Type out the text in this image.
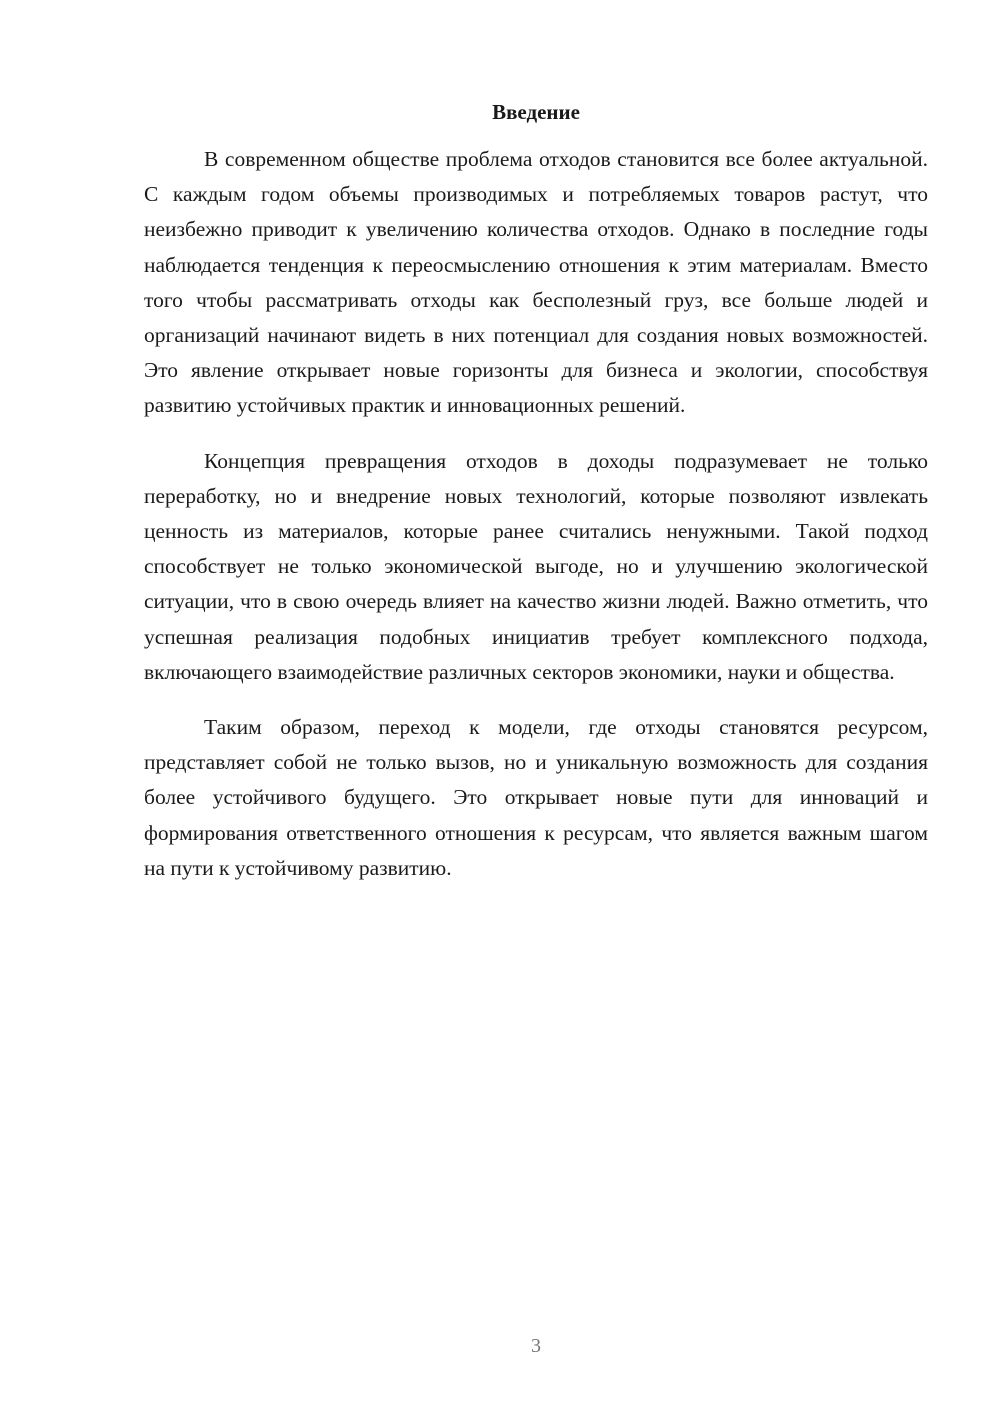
Введение

В современном обществе проблема отходов становится все более актуальной. С каждым годом объемы производимых и потребляемых товаров растут, что неизбежно приводит к увеличению количества отходов. Однако в последние годы наблюдается тенденция к переосмыслению отношения к этим материалам. Вместо того чтобы рассматривать отходы как бесполезный груз, все больше людей и организаций начинают видеть в них потенциал для создания новых возможностей. Это явление открывает новые горизонты для бизнеса и экологии, способствуя развитию устойчивых практик и инновационных решений.

Концепция превращения отходов в доходы подразумевает не только переработку, но и внедрение новых технологий, которые позволяют извлекать ценность из материалов, которые ранее считались ненужными. Такой подход способствует не только экономической выгоде, но и улучшению экологической ситуации, что в свою очередь влияет на качество жизни людей. Важно отметить, что успешная реализация подобных инициатив требует комплексного подхода, включающего взаимодействие различных секторов экономики, науки и общества.

Таким образом, переход к модели, где отходы становятся ресурсом, представляет собой не только вызов, но и уникальную возможность для создания более устойчивого будущего. Это открывает новые пути для инноваций и формирования ответственного отношения к ресурсам, что является важным шагом на пути к устойчивому развитию.

3
